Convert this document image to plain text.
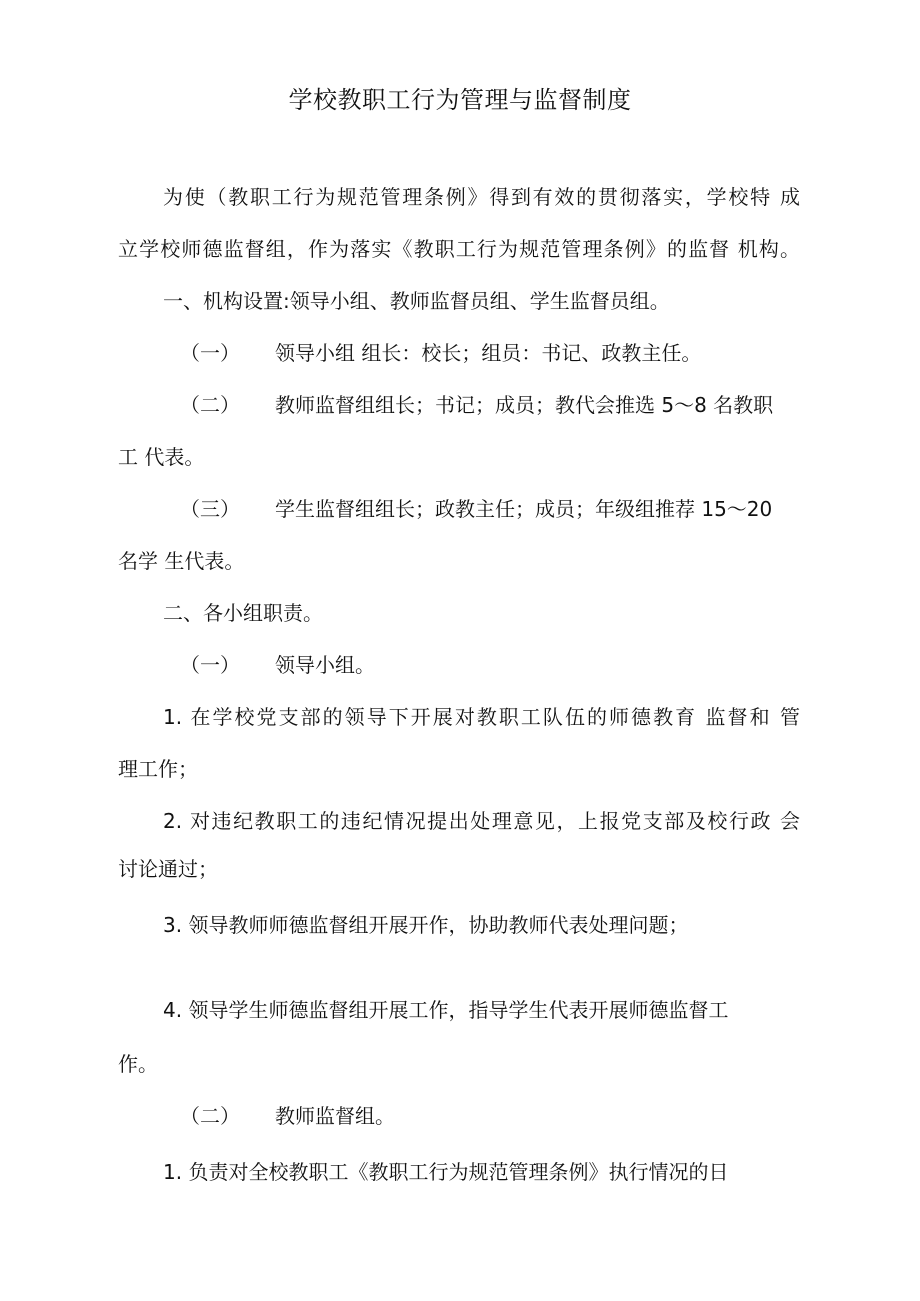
学校教职工行为管理与监督制度
为使（教职工行为规范管理条例》得到有效的贯彻落实，学校特 成
立学校师德监督组，作为落实《教职工行为规范管理条例》的监督 机构。
一、机构设置:领导小组、教师监督员组、学生监督员组。
（一） 领导小组 组长：校长；组员：书记、政教主任。
（二） 教师监督组组长；书记；成员；教代会推选 5～8 名教职
工 代表。
（三） 学生监督组组长；政教主任；成员；年级组推荐 15～20
名学 生代表。
二、各小组职责。
（一） 领导小组。
1. 在学校党支部的领导下开展对教职工队伍的师德教育 监督和 管
理工作；
2. 对违纪教职工的违纪情况提出处理意见，上报党支部及校行政 会
讨论通过；
3. 领导教师师德监督组开展开作，协助教师代表处理问题；
4. 领导学生师德监督组开展工作，指导学生代表开展师德监督工
作。
（二） 教师监督组。
1. 负责对全校教职工《教职工行为规范管理条例》执行情况的日
